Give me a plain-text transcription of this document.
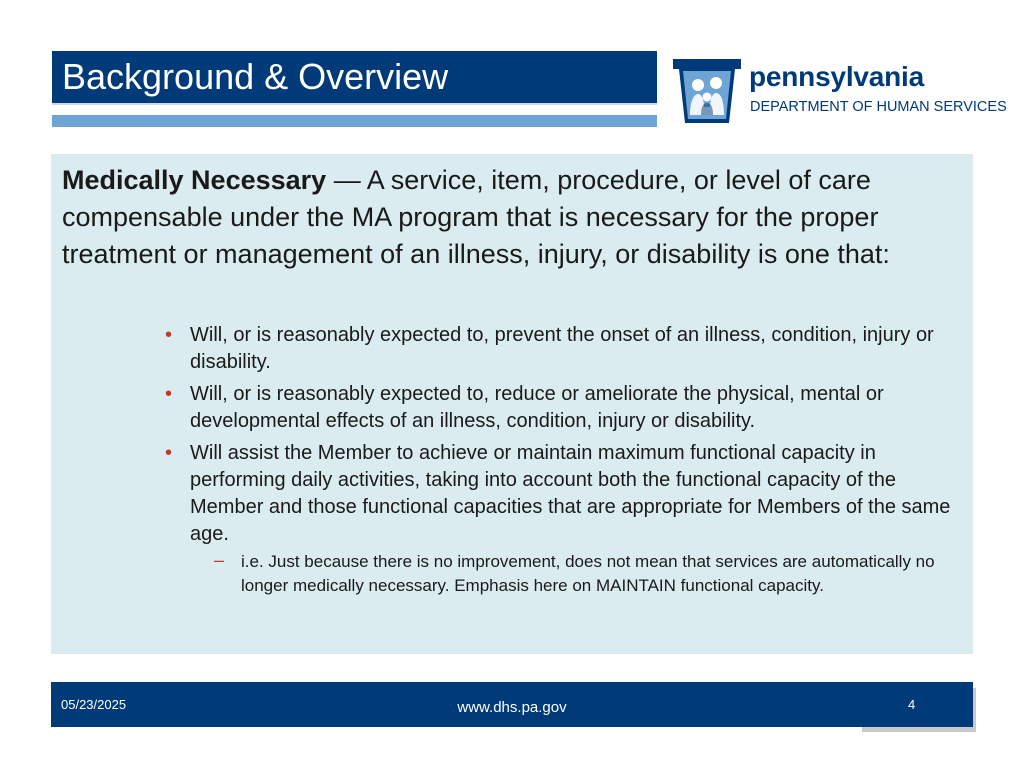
Background & Overview	pennsylvania
DEPARTMENT OF HUMAN SERVICES
Medically Necessary — A service, item, procedure, or level of care compensable under the MA program that is necessary for the proper treatment or management of an illness, injury, or disability is one that:
• Will, or is reasonably expected to, prevent the onset of an illness, condition, injury or disability.
• Will, or is reasonably expected to, reduce or ameliorate the physical, mental or developmental effects of an illness, condition, injury or disability.
• Will assist the Member to achieve or maintain maximum functional capacity in performing daily activities, taking into account both the functional capacity of the Member and those functional capacities that are appropriate for Members of the same age.
– i.e. Just because there is no improvement, does not mean that services are automatically no longer medically necessary. Emphasis here on MAINTAIN functional capacity.
05/23/2025	www.dhs.pa.gov	4
